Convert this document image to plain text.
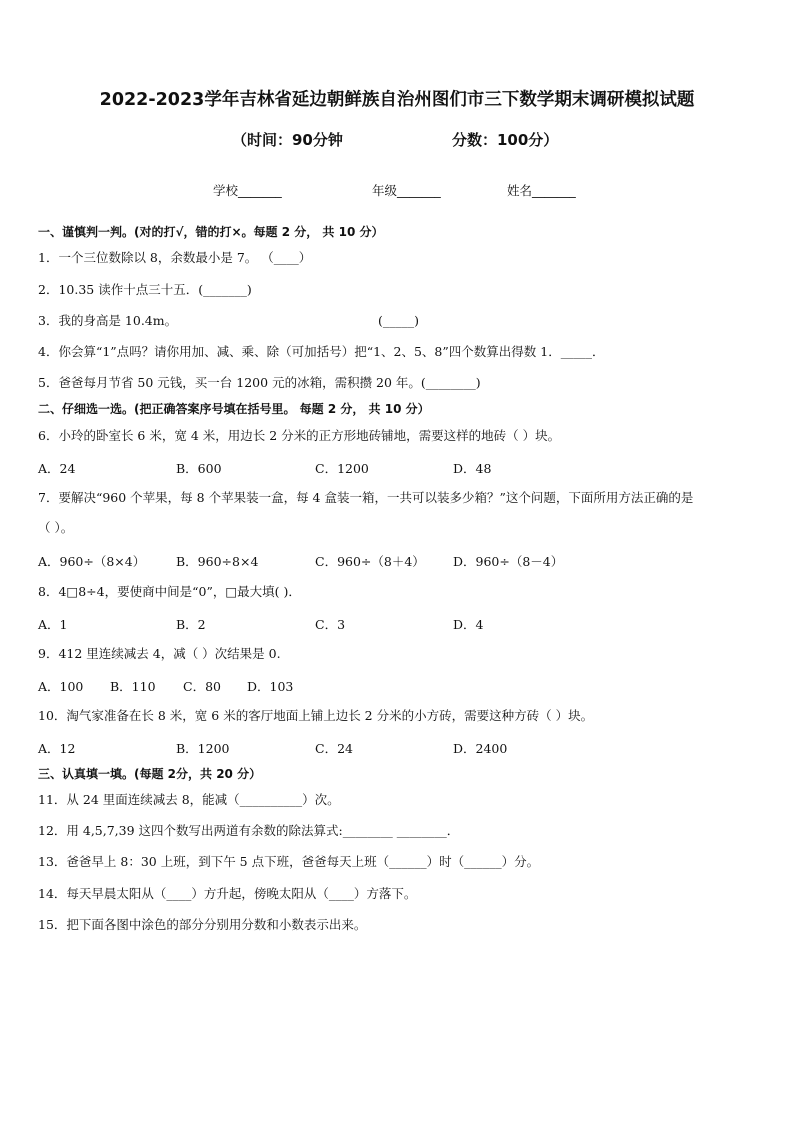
2022-2023学年吉林省延边朝鲜族自治州图们市三下数学期末调研模拟试题
（时间：90分钟	分数：100分）
学校_______	年级_______	姓名_______
一、谨慎判一判。(对的打√，错的打×。每题 2 分， 共 10 分）
1．一个三位数除以 8，余数最小是 7。 （____）
2．10.35 读作十点三十五．(_______)
3．我的身高是 10.4m。	(_____)
4．你会算“1”点吗？请你用加、减、乘、除（可加括号）把“1、2、5、8”四个数算出得数 1．_____．
5．爸爸每月节省 50 元钱，买一台 1200 元的冰箱，需积攒 20 年。(________)
二、仔细选一选。(把正确答案序号填在括号里。 每题 2 分， 共 10 分）
6．小玲的卧室长 6 米，宽 4 米，用边长 2 分米的正方形地砖铺地，需要这样的地砖（ ）块。
A．24	B．600	C．1200	D．48
7．要解决“960 个苹果，每 8 个苹果装一盒，每 4 盒装一箱，一共可以装多少箱？”这个问题，下面所用方法正确的是
（ ）。
A．960÷（8×4） B．960÷8×4	C．960÷（8＋4） D．960÷（8－4）
8．4□8÷4，要使商中间是“0”，□最大填( )．
A．1	B．2	C．3	D．4
9．412 里连续减去 4，减（ ）次结果是 0.
A．100 B．110 C．80 D．103
10．淘气家准备在长 8 米，宽 6 米的客厅地面上铺上边长 2 分米的小方砖，需要这种方砖（ ）块。
A．12	B．1200	C．24	D．2400
三、认真填一填。(每题 2分，共 20 分）
11．从 24 里面连续减去 8，能减（__________）次。
12．用 4,5,7,39 这四个数写出两道有余数的除法算式:________ ________．
13．爸爸早上 8：30 上班，到下午 5 点下班，爸爸每天上班（______）时（______）分。
14．每天早晨太阳从（____）方升起，傍晚太阳从（____）方落下。
15．把下面各图中涂色的部分分别用分数和小数表示出来。
